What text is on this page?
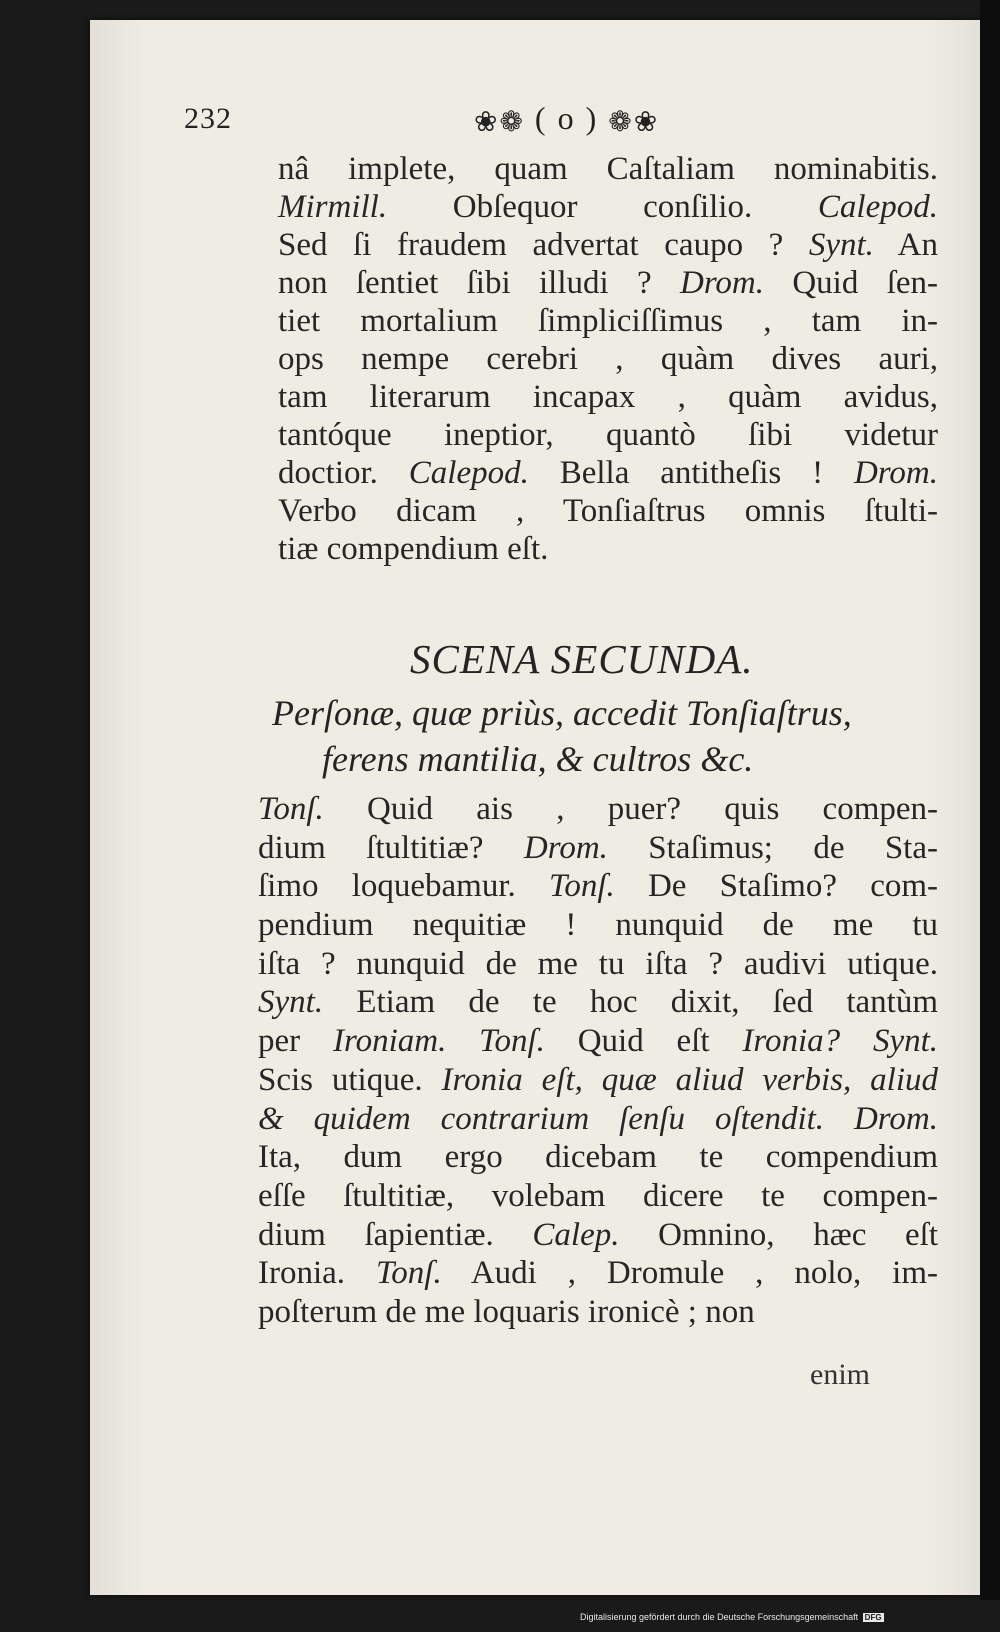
232	❀❁ ( o ) ❁❀
nâ implete, quam Caſtaliam nominabitis.
Mirmill. Obſequor conſilio. Calepod.
Sed ſi fraudem advertat caupo ? Synt. An
non ſentiet ſibi illudi ? Drom. Quid ſen-
tiet mortalium ſimpliciſſimus , tam in-
ops nempe cerebri , quàm dives auri,
tam literarum incapax , quàm avidus,
tantóque ineptior, quantò ſibi videtur
doctior. Calepod. Bella antitheſis ! Drom.
Verbo dicam , Tonſiaſtrus omnis ſtulti-
tiæ compendium eſt.
SCENA SECUNDA.
Perſonæ, quæ priùs, accedit Tonſiaſtrus,
ferens mantilia, & cultros &c.
Tonſ. Quid ais , puer? quis compen-
dium ſtultitiæ? Drom. Staſimus; de Sta-
ſimo loquebamur. Tonſ. De Staſimo? com-
pendium nequitiæ ! nunquid de me tu
iſta ? nunquid de me tu iſta ? audivi utique.
Synt. Etiam de te hoc dixit, ſed tantùm
per Ironiam. Tonſ. Quid eſt Ironia? Synt.
Scis utique. Ironia eſt, quæ aliud verbis, aliud
& quidem contrarium ſenſu oſtendit. Drom.
Ita, dum ergo dicebam te compendium
eſſe ſtultitiæ, volebam dicere te compen-
dium ſapientiæ. Calep. Omnino, hæc eſt
Ironia. Tonſ. Audi , Dromule , nolo, im-
poſterum de me loquaris ironicè ; non
enim
Digitalisierung gefördert durch die Deutsche Forschungsgemeinschaft DFG
